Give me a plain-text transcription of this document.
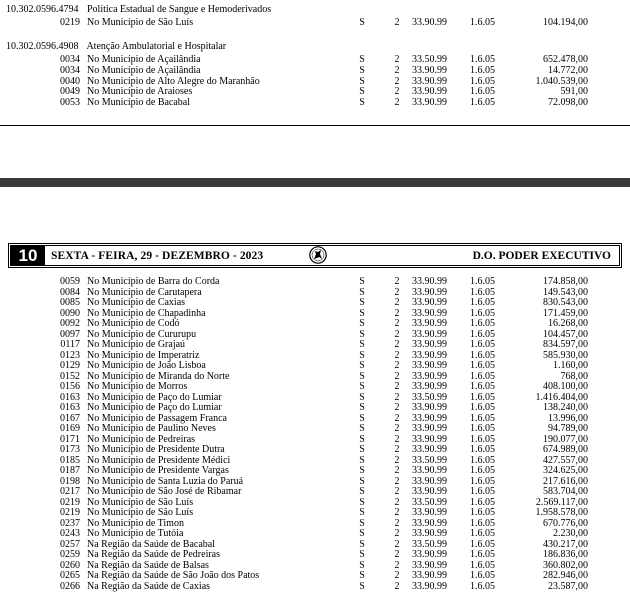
10.302.0596.4794 Política Estadual de Sangue e Hemoderivados
0219 No Município de São Luís	S	2 33.90.99 1.6.05	104.194,00
10.302.0596.4908 Atenção Ambulatorial e Hospitalar
0034 No Município de Açailândia	S	2 33.50.99 1.6.05	652.478,00
0034 No Município de Açailândia	S	2 33.90.99 1.6.05	14.772,00
0040 No Município de Alto Alegre do Maranhão	S	2 33.90.99 1.6.05	1.040.539,00
0049 No Município de Araioses	S	2 33.90.99 1.6.05	591,00
0053 No Município de Bacabal	S	2 33.90.99 1.6.05	72.098,00
10	SEXTA - FEIRA, 29 - DEZEMBRO - 2023	D.O. PODER EXECUTIVO
0059 No Município de Barra do Corda	S	2 33.90.99 1.6.05	174.858,00
0084 No Município de Carutapera	S	2 33.90.99 1.6.05	149.543,00
0085 No Município de Caxias	S	2 33.90.99 1.6.05	830.543,00
0090 No Município de Chapadinha	S	2 33.90.99 1.6.05	171.459,00
0092 No Município de Codó	S	2 33.90.99 1.6.05	16.268,00
0097 No Município de Cururupu	S	2 33.90.99 1.6.05	104.457,00
0117 No Município de Grajaú	S	2 33.90.99 1.6.05	834.597,00
0123 No Município de Imperatriz	S	2 33.90.99 1.6.05	585.930,00
0129 No Município de João Lisboa	S	2 33.90.99 1.6.05	1.160,00
0152 No Município de Miranda do Norte	S	2 33.90.99 1.6.05	768,00
0156 No Município de Morros	S	2 33.90.99 1.6.05	408.100,00
0163 No Município de Paço do Lumiar	S	2 33.50.99 1.6.05	1.416.404,00
0163 No Município de Paço do Lumiar	S	2 33.90.99 1.6.05	138.240,00
0167 No Município de Passagem Franca	S	2 33.90.99 1.6.05	13.996,00
0169 No Município de Paulino Neves	S	2 33.90.99 1.6.05	94.789,00
0171 No Município de Pedreiras	S	2 33.90.99 1.6.05	190.077,00
0173 No Município de Presidente Dutra	S	2 33.90.99 1.6.05	674.989,00
0185 No Município de Presidente Médici	S	2 33.50.99 1.6.05	427.557,00
0187 No Município de Presidente Vargas	S	2 33.90.99 1.6.05	324.625,00
0198 No Município de Santa Luzia do Paruá	S	2 33.90.99 1.6.05	217.616,00
0217 No Município de São José de Ribamar	S	2 33.90.99 1.6.05	583.704,00
0219 No Município de São Luís	S	2 33.50.99 1.6.05	2.569.117,00
0219 No Município de São Luís	S	2 33.90.99 1.6.05	1.958.578,00
0237 No Município de Timon	S	2 33.90.99 1.6.05	670.776,00
0243 No Município de Tutóia	S	2 33.90.99 1.6.05	2.230,00
0257 Na Região da Saúde de Bacabal	S	2 33.50.99 1.6.05	430.217,00
0259 Na Região da Saúde de Pedreiras	S	2 33.90.99 1.6.05	186.836,00
0260 Na Região da Saúde de Balsas	S	2 33.90.99 1.6.05	360.802,00
0265 Na Região da Saúde de São João dos Patos	S	2 33.90.99 1.6.05	282.946,00
0266 Na Região da Saúde de Caxias	S	2 33.90.99 1.6.05	23.587,00
